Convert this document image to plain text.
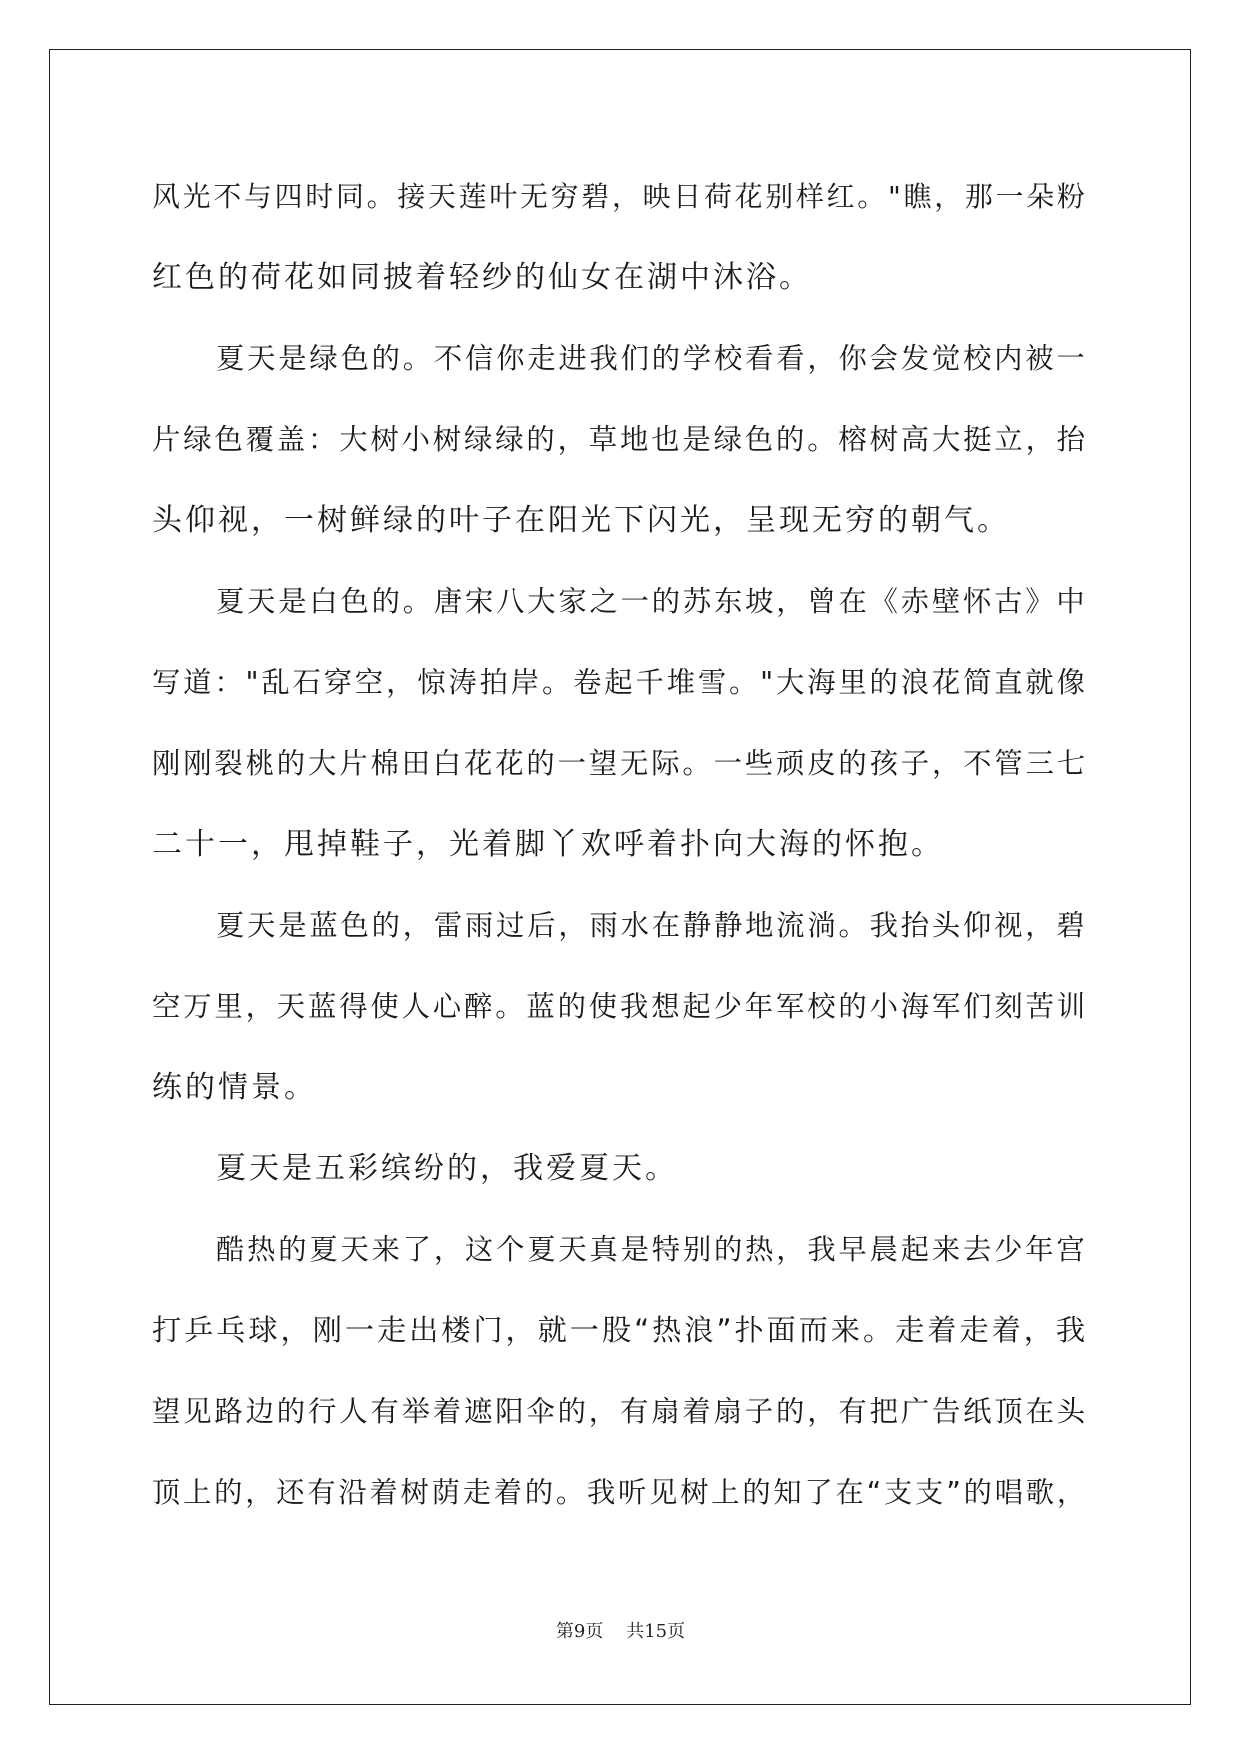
风光不与四时同。接天莲叶无穷碧，映日荷花别样红。"瞧，那一朵粉
红色的荷花如同披着轻纱的仙女在湖中沐浴。
夏天是绿色的。不信你走进我们的学校看看，你会发觉校内被一
片绿色覆盖：大树小树绿绿的，草地也是绿色的。榕树高大挺立，抬
头仰视，一树鲜绿的叶子在阳光下闪光，呈现无穷的朝气。
夏天是白色的。唐宋八大家之一的苏东坡，曾在《赤壁怀古》中
写道："乱石穿空，惊涛拍岸。卷起千堆雪。"大海里的浪花简直就像
刚刚裂桃的大片棉田白花花的一望无际。一些顽皮的孩子，不管三七
二十一，甩掉鞋子，光着脚丫欢呼着扑向大海的怀抱。
夏天是蓝色的，雷雨过后，雨水在静静地流淌。我抬头仰视，碧
空万里，天蓝得使人心醉。蓝的使我想起少年军校的小海军们刻苦训
练的情景。
夏天是五彩缤纷的，我爱夏天。
酷热的夏天来了，这个夏天真是特别的热，我早晨起来去少年宫
打乒乓球，刚一走出楼门，就一股“热浪”扑面而来。走着走着，我
望见路边的行人有举着遮阳伞的，有扇着扇子的，有把广告纸顶在头
顶上的，还有沿着树荫走着的。我听见树上的知了在“支支”的唱歌，
第9页 共15页
